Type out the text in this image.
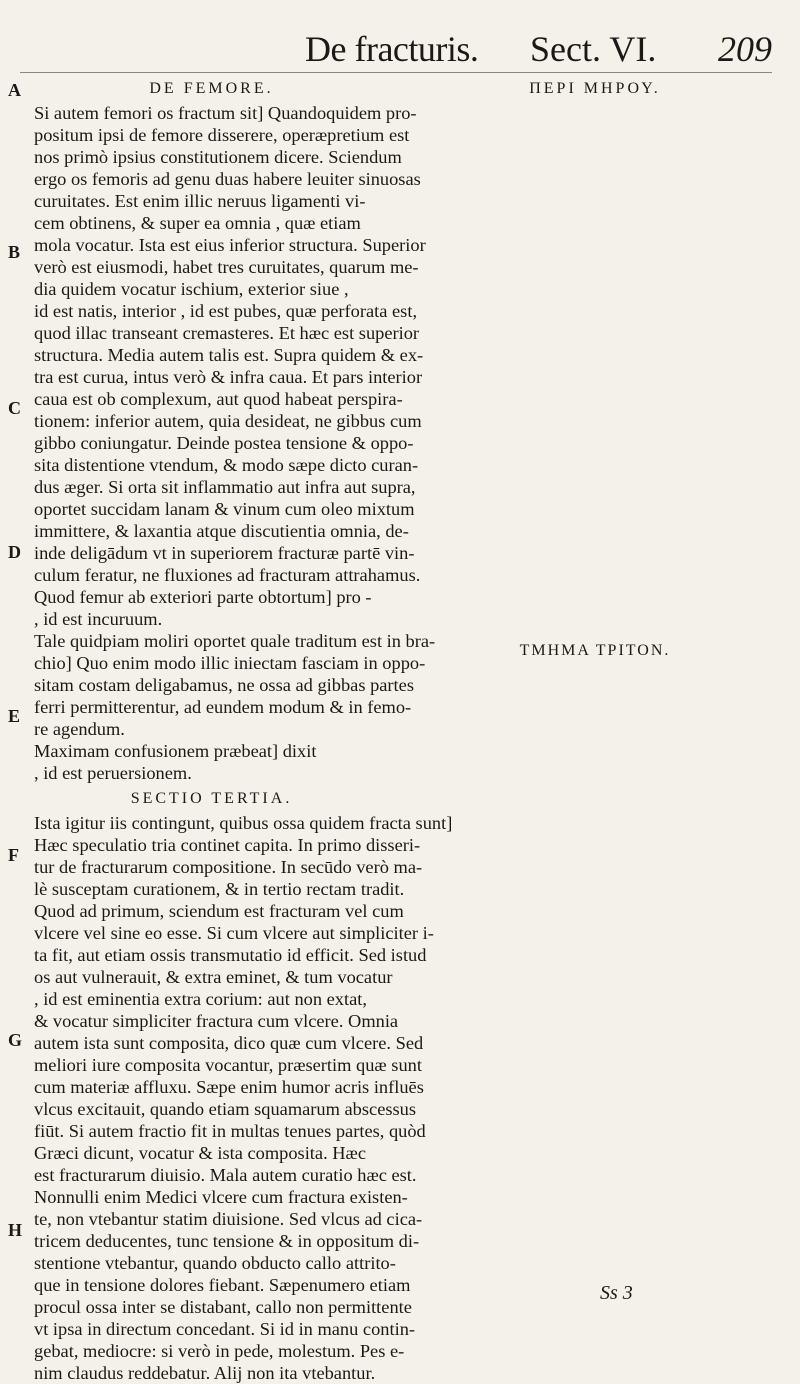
De fracturis. Sect. VI. 209
A
B
C
D
E
F
G
H
DE FEMORE.
Si autem femori os fractum sit] Quandoquidem pro-
positum ipsi de femore disserere, operæpretium est
nos primò ipsius constitutionem dicere. Sciendum
ergo os femoris ad genu duas habere leuiter sinuosas
curuitates. Est enim illic neruus ligamenti vi-
cem obtinens, & super ea omnia , quæ etiam
mola vocatur. Ista est eius inferior structura. Superior
verò est eiusmodi, habet tres curuitates, quarum me-
dia quidem vocatur ischium, exterior siue ,
id est natis, interior , id est pubes, quæ perforata est,
quod illac transeant cremasteres. Et hæc est superior
structura. Media autem talis est. Supra quidem & ex-
tra est curua, intus verò & infra caua. Et pars interior
caua est ob complexum, aut quod habeat perspira-
tionem: inferior autem, quia desideat, ne gibbus cum
gibbo coniungatur. Deinde postea tensione & oppo-
sita distentione vtendum, & modo sæpe dicto curan-
dus æger. Si orta sit inflammatio aut infra aut supra,
oportet succidam lanam & vinum cum oleo mixtum
immittere, & laxantia atque discutientia omnia, de-
inde deligādum vt in superiorem fracturæ partē vin-
culum feratur, ne fluxiones ad fracturam attrahamus.
Quod femur ab exteriori parte obtortum] pro -
, id est incuruum.
Tale quidpiam moliri oportet quale traditum est in bra-
chio] Quo enim modo illic iniectam fasciam in oppo-
sitam costam deligabamus, ne ossa ad gibbas partes
ferri permitterentur, ad eundem modum & in femo-
re agendum.
Maximam confusionem præbeat] dixit
, id est peruersionem.
SECTIO TERTIA.
Ista igitur iis contingunt, quibus ossa quidem fracta sunt]
Hæc speculatio tria continet capita. In primo disseri-
tur de fracturarum compositione. In secūdo verò ma-
lè susceptam curationem, & in tertio rectam tradit.
Quod ad primum, sciendum est fracturam vel cum
vlcere vel sine eo esse. Si cum vlcere aut simpliciter i-
ta fit, aut etiam ossis transmutatio id efficit. Sed istud
os aut vulnerauit, & extra eminet, & tum vocatur
, id est eminentia extra corium: aut non extat,
& vocatur simpliciter fractura cum vlcere. Omnia
autem ista sunt composita, dico quæ cum vlcere. Sed
meliori iure composita vocantur, præsertim quæ sunt
cum materiæ affluxu. Sæpe enim humor acris influēs
vlcus excitauit, quando etiam squamarum abscessus
fiūt. Si autem fractio fit in multas tenues partes, quòd
Græci dicunt, vocatur & ista composita. Hæc
est fracturarum diuisio. Mala autem curatio hæc est.
Nonnulli enim Medici vlcere cum fractura existen-
te, non vtebantur statim diuisione. Sed vlcus ad cica-
tricem deducentes, tunc tensione & in oppositum di-
stentione vtebantur, quando obducto callo attrito-
que in tensione dolores fiebant. Sæpenumero etiam
procul ossa inter se distabant, callo non permittente
vt ipsa in directum concedant. Si id in manu contin-
gebat, mediocre: si verò in pede, molestum. Pes e-
nim claudus reddebatur. Alij non ita vtebantur.
ΠΕΡΙ ΜΗΡΟΥ.
ΤΜΗΜΑ ΤΡΙΤΟΝ.
Ss 3
